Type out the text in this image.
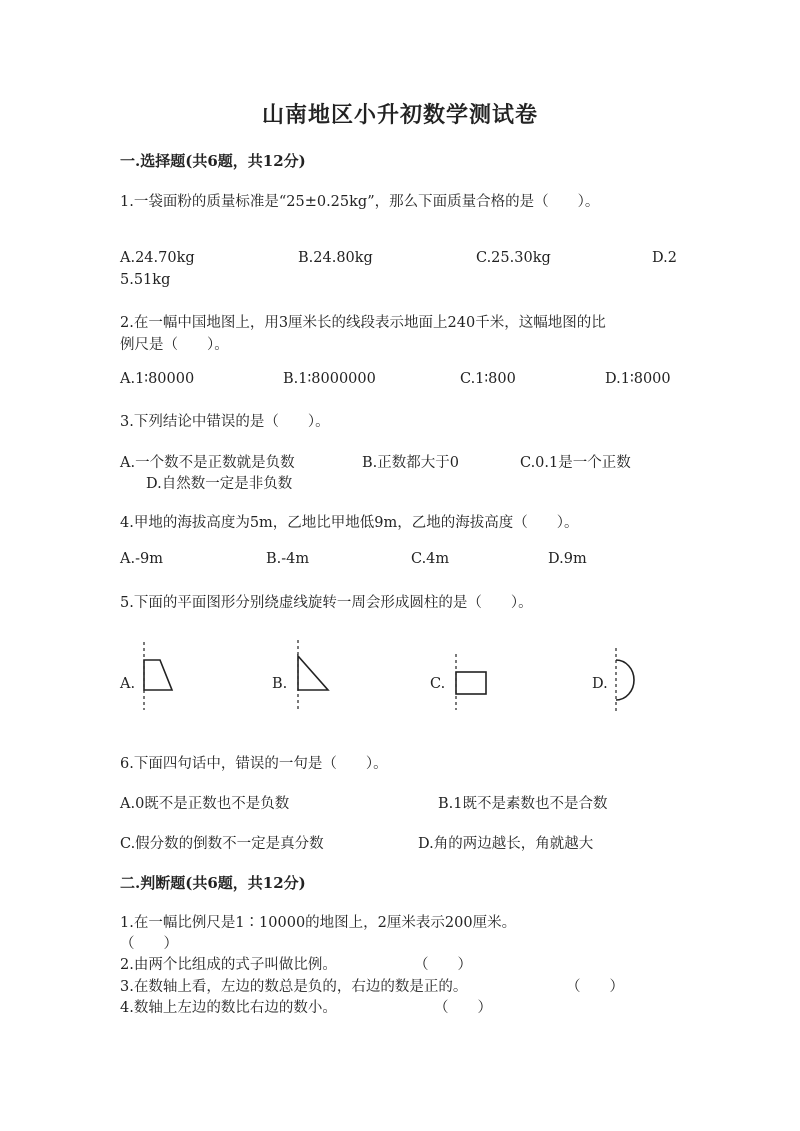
山南地区小升初数学测试卷
一.选择题(共6题，共12分)
1.一袋面粉的质量标准是“25±0.25kg”，那么下面质量合格的是（　　）。
A.24.70kg	B.24.80kg	C.25.30kg	D.2
5.51kg
2.在一幅中国地图上，用3厘米长的线段表示地面上240千米，这幅地图的比
例尺是（　　）。
A.1∶80000	B.1∶8000000	C.1∶800	D.1∶8000
3.下列结论中错误的是（　　）。
A.一个数不是正数就是负数	B.正数都大于0	C.0.1是一个正数
D.自然数一定是非负数
4.甲地的海拔高度为5m，乙地比甲地低9m，乙地的海拔高度（　　）。
A.-9m	B.-4m	C.4m	D.9m
5.下面的平面图形分别绕虚线旋转一周会形成圆柱的是（　　）。
A.	B.	C.	D.
6.下面四句话中，错误的一句是（　　）。
A.0既不是正数也不是负数	B.1既不是素数也不是合数
C.假分数的倒数不一定是真分数	D.角的两边越长，角就越大
二.判断题(共6题，共12分)
1.在一幅比例尺是1∶10000的地图上，2厘米表示200厘米。
（　　）
2.由两个比组成的式子叫做比例。	（　　）
3.在数轴上看，左边的数总是负的，右边的数是正的。	（　　）
4.数轴上左边的数比右边的数小。	（　　）
